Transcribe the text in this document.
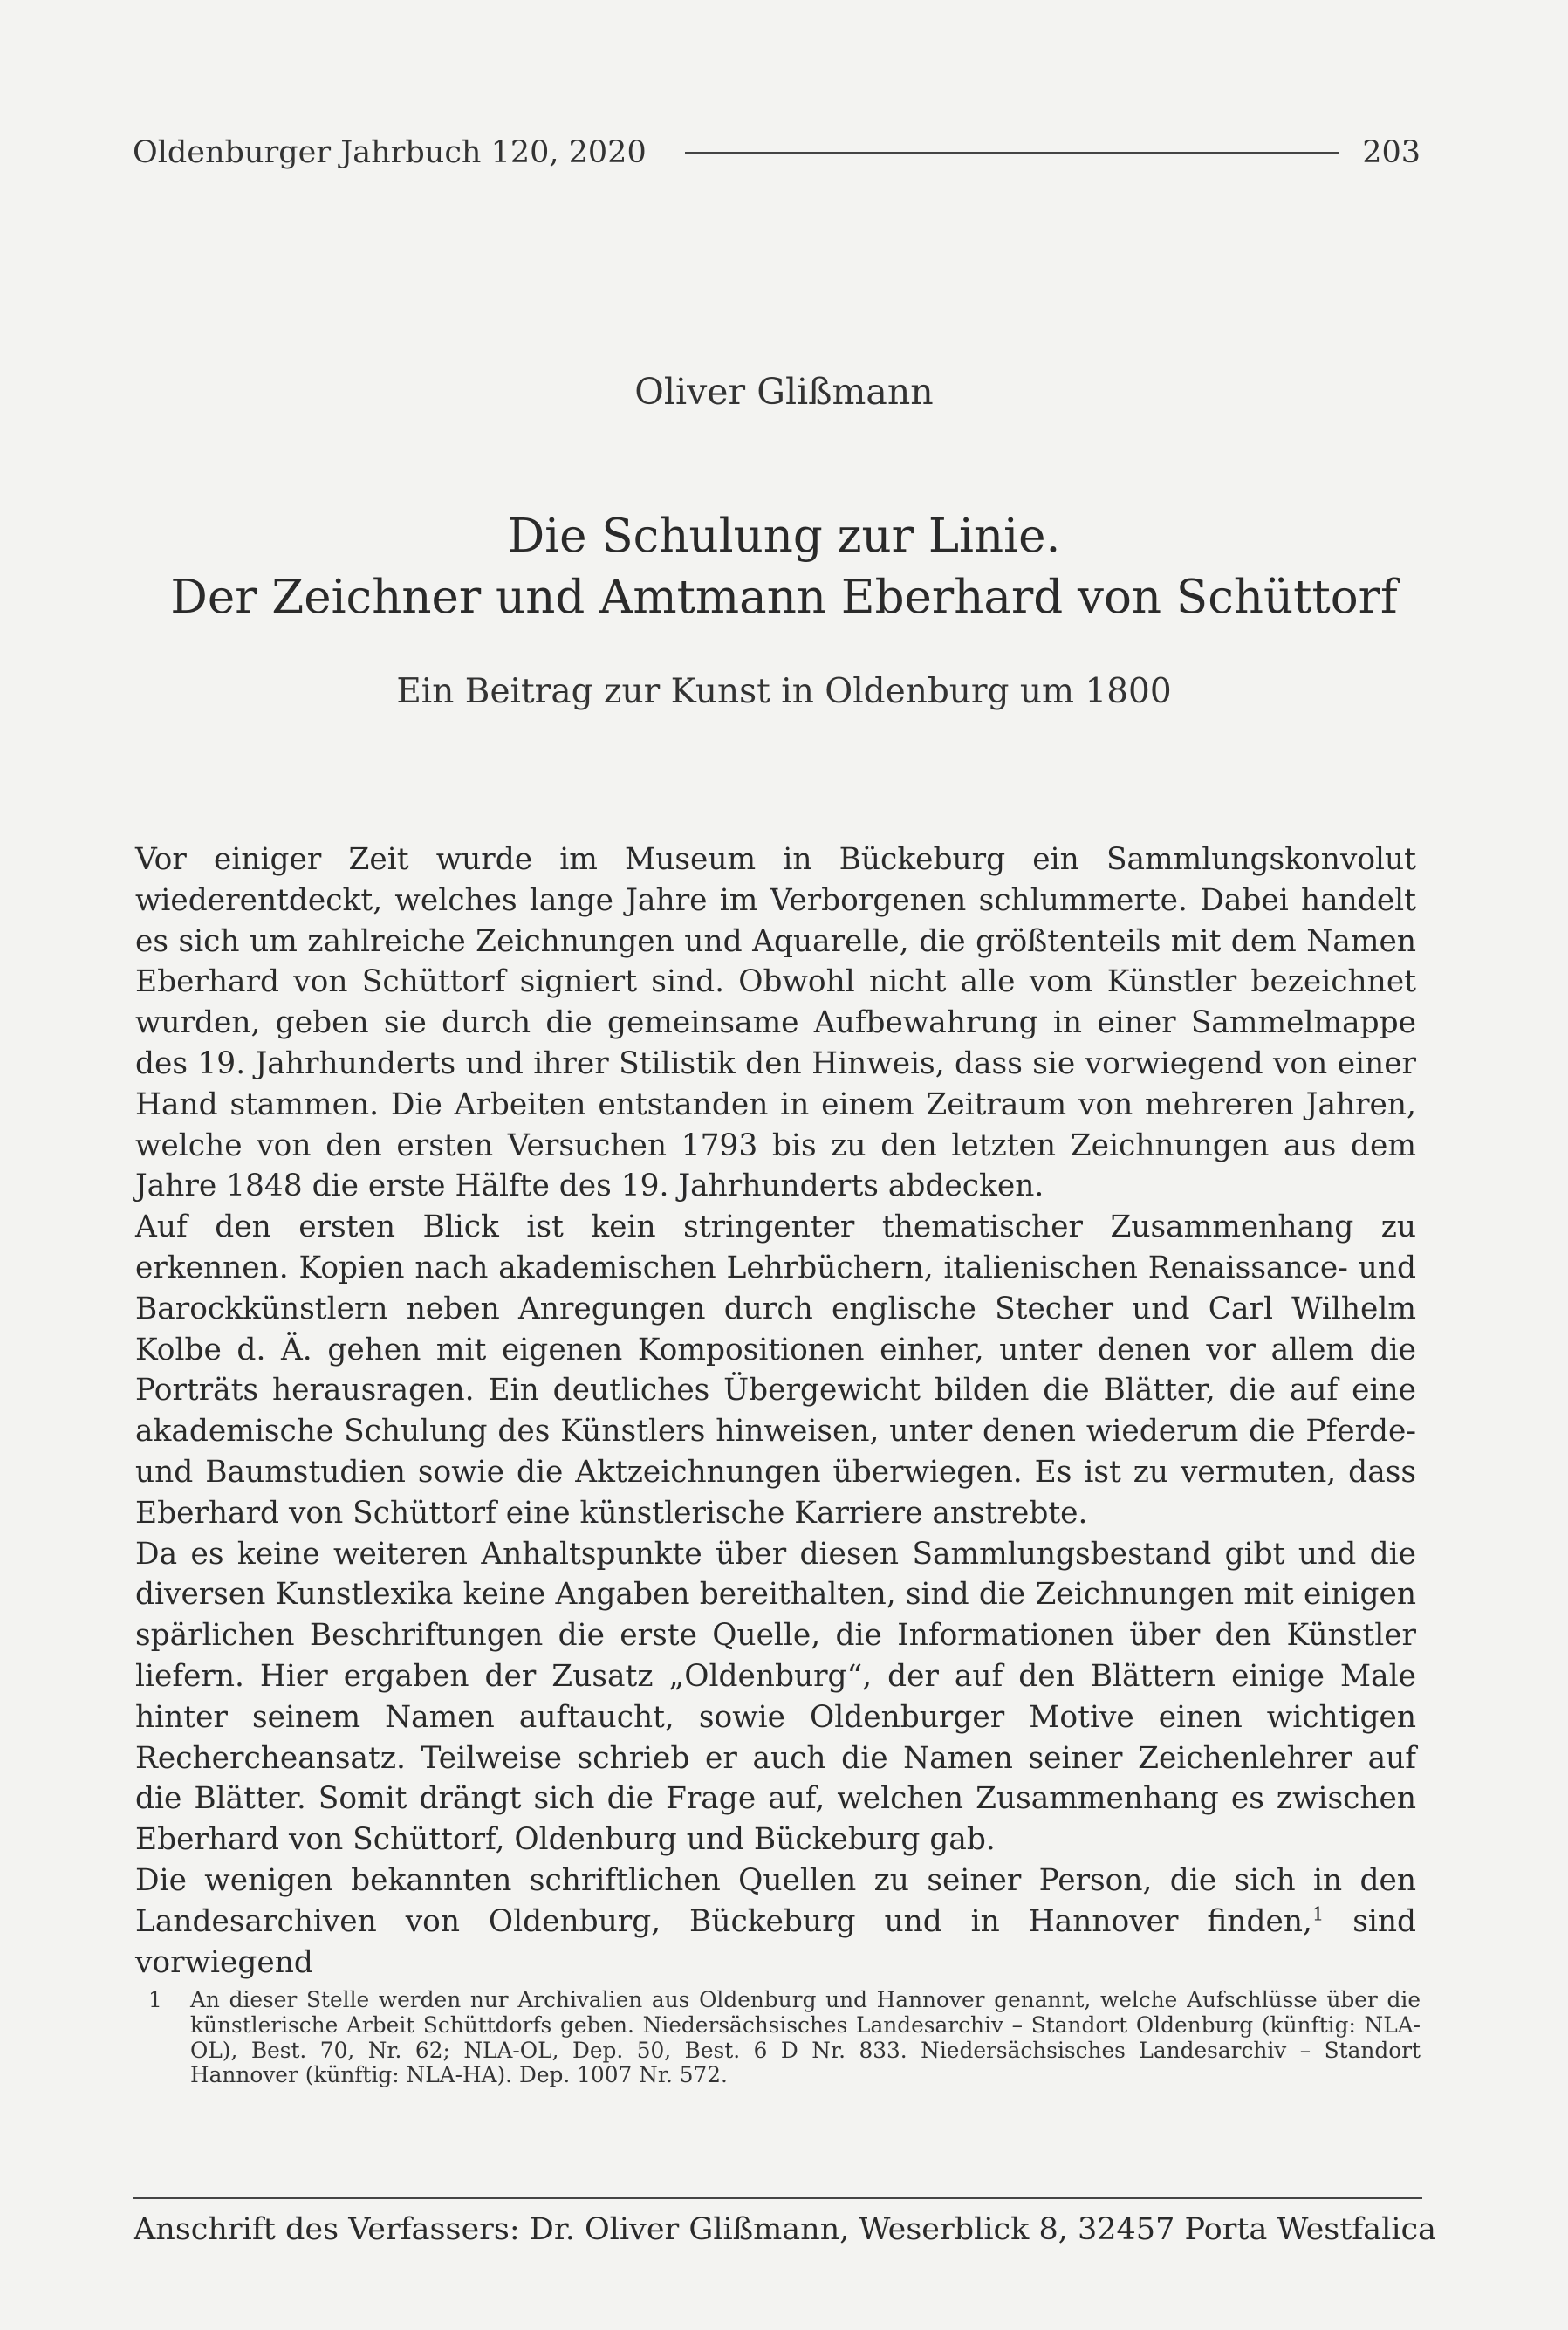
Oldenburger Jahrbuch 120, 2020	203
Oliver Glißmann
Die Schulung zur Linie.
Der Zeichner und Amtmann Eberhard von Schüttorf
Ein Beitrag zur Kunst in Oldenburg um 1800

Vor einiger Zeit wurde im Museum in Bückeburg ein Sammlungskonvolut wiederentdeckt, welches lange Jahre im Verborgenen schlummerte. Dabei handelt es sich um zahlreiche Zeichnungen und Aquarelle, die größtenteils mit dem Namen Eberhard von Schüttorf signiert sind. Obwohl nicht alle vom Künstler bezeichnet wurden, geben sie durch die gemeinsame Aufbewahrung in einer Sammelmappe des 19. Jahrhunderts und ihrer Stilistik den Hinweis, dass sie vorwiegend von einer Hand stammen. Die Arbeiten entstanden in einem Zeitraum von mehreren Jahren, welche von den ersten Versuchen 1793 bis zu den letzten Zeichnungen aus dem Jahre 1848 die erste Hälfte des 19. Jahrhunderts abdecken.

Auf den ersten Blick ist kein stringenter thematischer Zusammenhang zu erkennen. Kopien nach akademischen Lehrbüchern, italienischen Renaissance- und Barockkünstlern neben Anregungen durch englische Stecher und Carl Wilhelm Kolbe d. Ä. gehen mit eigenen Kompositionen einher, unter denen vor allem die Porträts herausragen. Ein deutliches Übergewicht bilden die Blätter, die auf eine akademische Schulung des Künstlers hinweisen, unter denen wiederum die Pferde- und Baumstudien sowie die Aktzeichnungen überwiegen. Es ist zu vermuten, dass Eberhard von Schüttorf eine künstlerische Karriere anstrebte.

Da es keine weiteren Anhaltspunkte über diesen Sammlungsbestand gibt und die diversen Kunstlexika keine Angaben bereithalten, sind die Zeichnungen mit einigen spärlichen Beschriftungen die erste Quelle, die Informationen über den Künstler liefern. Hier ergaben der Zusatz „Oldenburg“, der auf den Blättern einige Male hinter seinem Namen auftaucht, sowie Oldenburger Motive einen wichtigen Rechercheansatz. Teilweise schrieb er auch die Namen seiner Zeichenlehrer auf die Blätter. Somit drängt sich die Frage auf, welchen Zusammenhang es zwischen Eberhard von Schüttorf, Oldenburg und Bückeburg gab.

Die wenigen bekannten schriftlichen Quellen zu seiner Person, die sich in den Landesarchiven von Oldenburg, Bückeburg und in Hannover finden,$^1$ sind vorwiegend

1	An dieser Stelle werden nur Archivalien aus Oldenburg und Hannover genannt, welche Aufschlüsse über die künstlerische Arbeit Schüttdorfs geben. Niedersächsisches Landesarchiv – Standort Oldenburg (künftig: NLA-OL), Best. 70, Nr. 62; NLA-OL, Dep. 50, Best. 6 D Nr. 833. Niedersächsisches Landesarchiv – Standort Hannover (künftig: NLA-HA). Dep. 1007 Nr. 572.
Anschrift des Verfassers: Dr. Oliver Glißmann, Weserblick 8, 32457 Porta Westfalica
